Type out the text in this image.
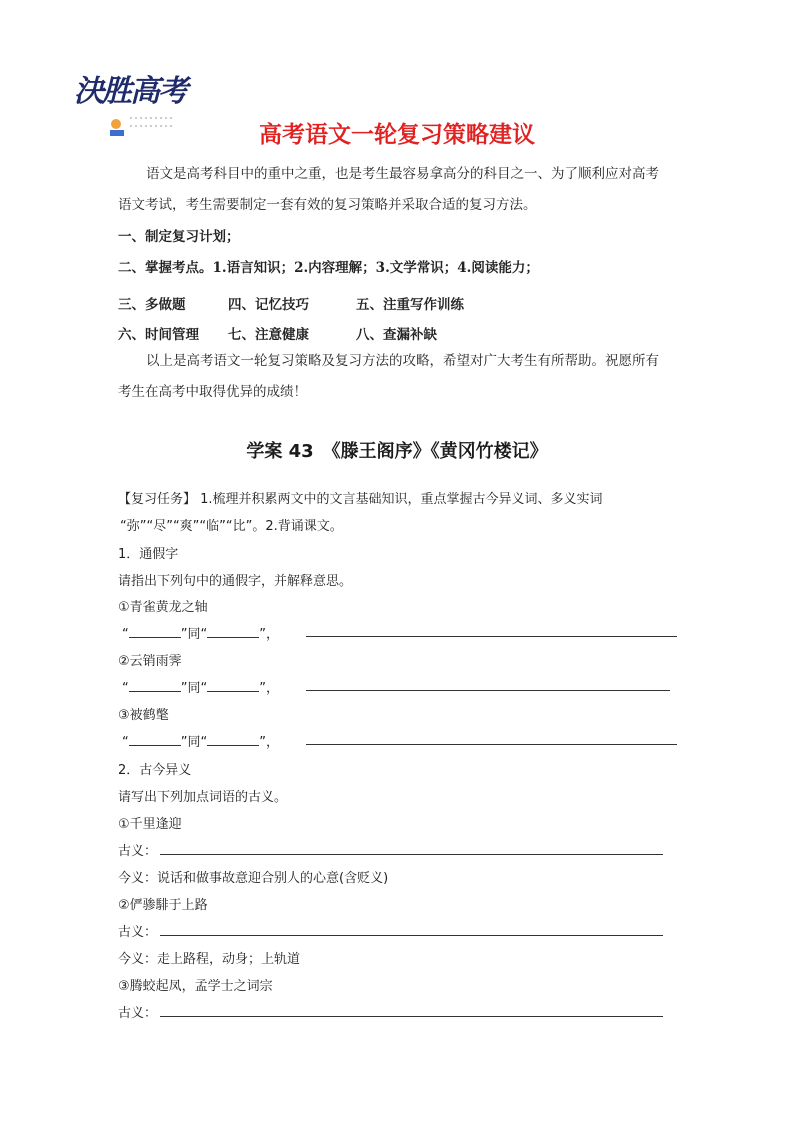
決胜高考
高考语文一轮复习策略建议
语文是高考科目中的重中之重，也是考生最容易拿高分的科目之一、为了顺利应对高考
语文考试，考生需要制定一套有效的复习策略并采取合适的复习方法。
一、制定复习计划；
二、掌握考点。1.语言知识；2.内容理解；3.文学常识；4.阅读能力；
三、多做题	四、记忆技巧	五、注重写作训练
六、时间管理 七、注意健康	八、查漏补缺
以上是高考语文一轮复习策略及复习方法的攻略，希望对广大考生有所帮助。祝愿所有
考生在高考中取得优异的成绩！
学案 43　《滕王阁序》《黄冈竹楼记》
【复习任务】 1.梳理并积累两文中的文言基础知识，重点掌握古今异义词、多义实词
“弥”“尽”“爽”“临”“比”。2.背诵课文。
1．通假字
请指出下列句中的通假字，并解释意思。
①青雀黄龙之轴
“	”同“	”，
②云销雨霁
“	”同“	”，
③被鹤氅
“	”同“	”，
2．古今异义
请写出下列加点词语的古义。
①千里逢迎
古义：
今义：说话和做事故意迎合别人的心意(含贬义)
②俨骖騑于上路
古义：
今义：走上路程，动身；上轨道
③腾蛟起凤，孟学士之词宗
古义：
